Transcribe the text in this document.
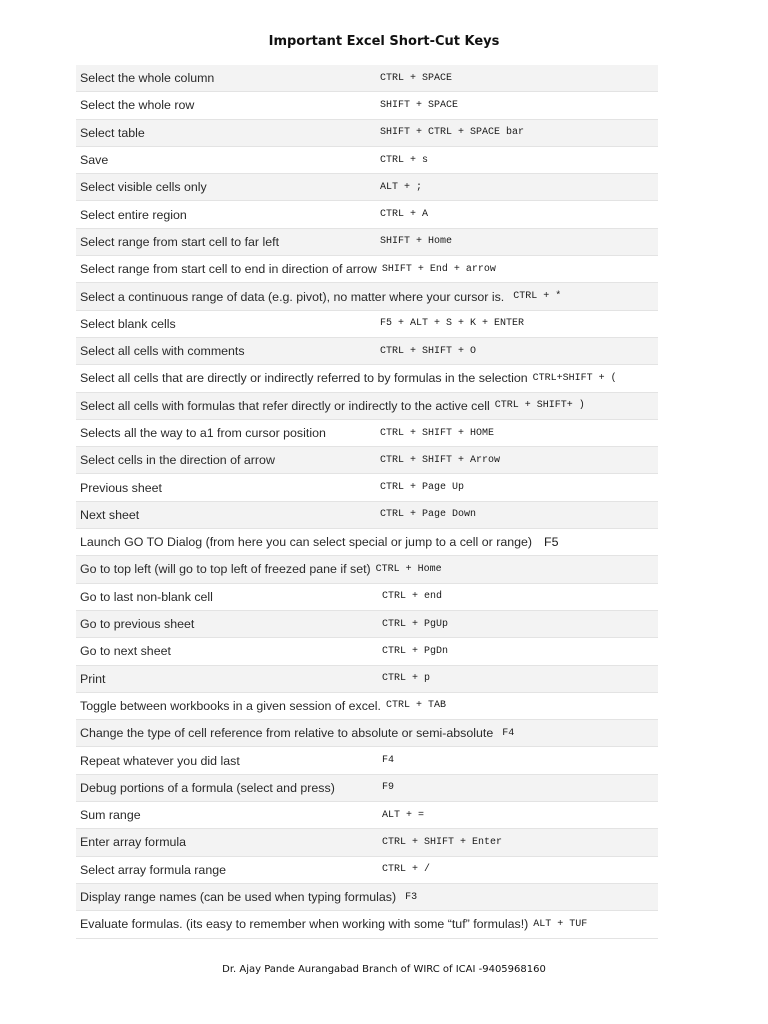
Important Excel Short-Cut Keys
Select the whole column	CTRL + SPACE
Select the whole row	SHIFT + SPACE
Select table	SHIFT + CTRL + SPACE bar
Save	CTRL + s
Select visible cells only	ALT + ;
Select entire region	CTRL + A
Select range from start cell to far left	SHIFT + Home
Select range from start cell to end in direction of arrow SHIFT + End + arrow
Select a continuous range of data (e.g. pivot), no matter where your cursor is. CTRL + *
Select blank cells	F5 + ALT + S + K + ENTER
Select all cells with comments	CTRL + SHIFT + O
Select all cells that are directly or indirectly referred to by formulas in the selection CTRL+SHIFT + (
Select all cells with formulas that refer directly or indirectly to the active cell CTRL + SHIFT+ )
Selects all the way to a1 from cursor position	CTRL + SHIFT + HOME
Select cells in the direction of arrow	CTRL + SHIFT + Arrow
Previous sheet	CTRL + Page Up
Next sheet	CTRL + Page Down
Launch GO TO Dialog (from here you can select special or jump to a cell or range) F5
Go to top left (will go to top left of freezed pane if set) CTRL + Home
Go to last non-blank cell	CTRL + end
Go to previous sheet	CTRL + PgUp
Go to next sheet	CTRL + PgDn
Print	CTRL + p
Toggle between workbooks in a given session of excel. CTRL + TAB
Change the type of cell reference from relative to absolute or semi-absolute F4
Repeat whatever you did last	F4
Debug portions of a formula (select and press)	F9
Sum range	ALT + =
Enter array formula	CTRL + SHIFT + Enter
Select array formula range	CTRL + /
Display range names (can be used when typing formulas) F3
Evaluate formulas. (its easy to remember when working with some “tuf” formulas!) ALT + TUF
Dr. Ajay Pande Aurangabad Branch of WIRC of ICAI -9405968160
